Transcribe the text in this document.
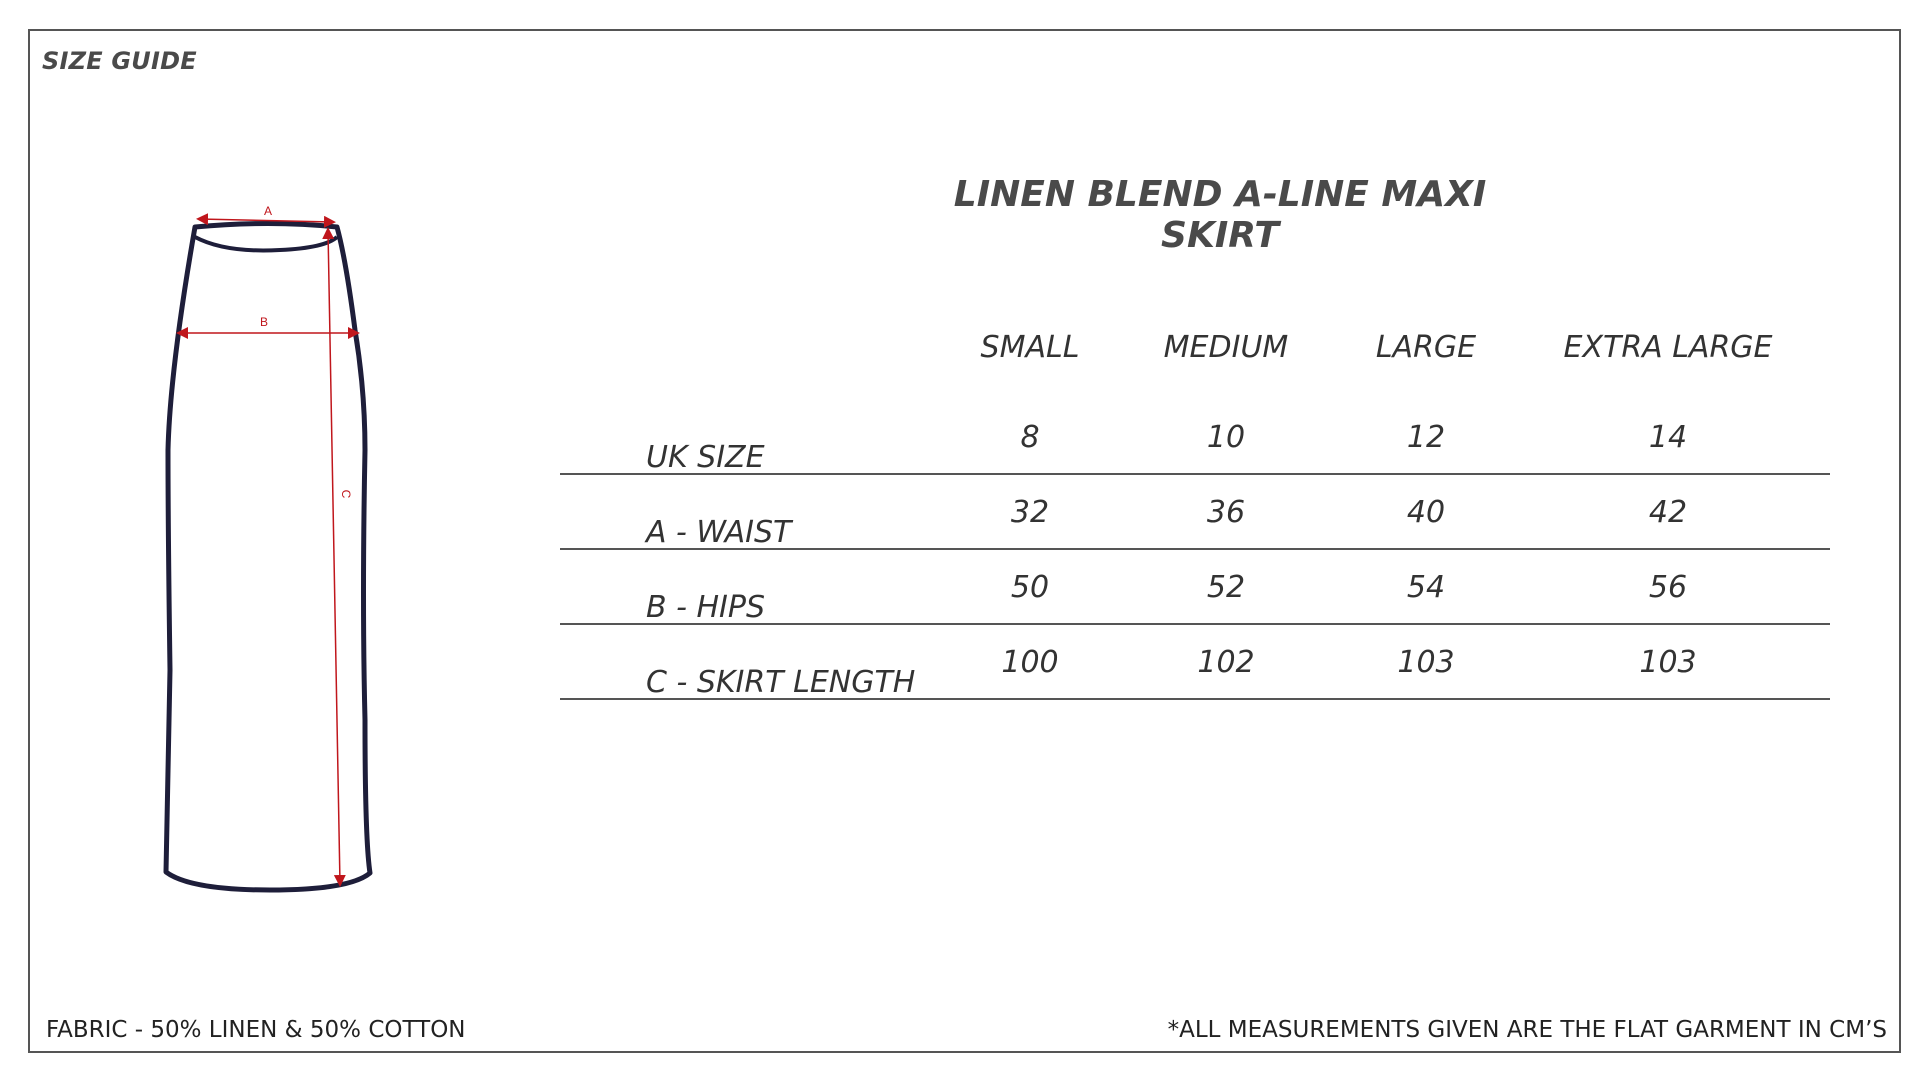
SIZE GUIDE
LINEN BLEND A-LINE MAXI SKIRT
A
B
C
SMALL	MEDIUM	LARGE	EXTRA LARGE
UK SIZE
8	10	12	14
A - WAIST
32	36	40	42
B - HIPS
50	52	54	56
C - SKIRT LENGTH
100	102	103	103
FABRIC - 50% LINEN & 50% COTTON	*ALL MEASUREMENTS GIVEN ARE THE FLAT GARMENT IN CM’S
